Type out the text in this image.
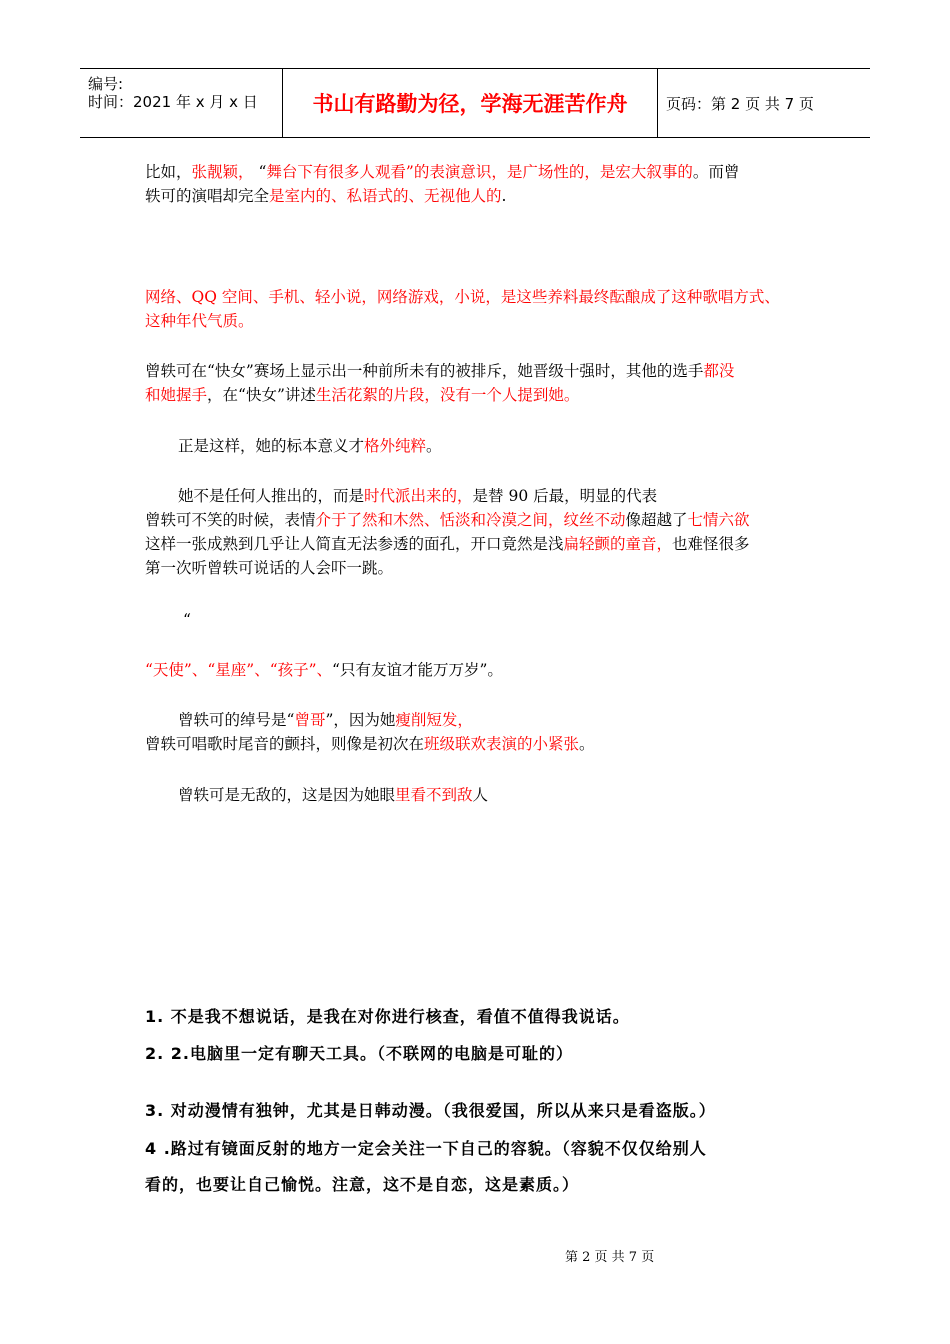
编号:
时间：2021 年 x 月 x 日	书山有路勤为径，学海无涯苦作舟	页码：第 2 页 共 7 页
比如，张靓颖， “舞台下有很多人观看”的表演意识，是广场性的，是宏大叙事的。而曾
轶可的演唱却完全是室内的、私语式的、无视他人的.
网络、QQ 空间、手机、轻小说，网络游戏，小说，是这些养料最终酝酿成了这种歌唱方式、
这种年代气质。
曾轶可在“快女”赛场上显示出一种前所未有的被排斥，她晋级十强时，其他的选手都没
和她握手，在“快女”讲述生活花絮的片段，没有一个人提到她。
正是这样，她的标本意义才格外纯粹。
她不是任何人推出的，而是时代派出来的，是替 90 后最，明显的代表
曾轶可不笑的时候，表情介于了然和木然、恬淡和冷漠之间，纹丝不动像超越了七情六欲
这样一张成熟到几乎让人简直无法参透的面孔，开口竟然是浅扁轻颤的童音，也难怪很多
第一次听曾轶可说话的人会吓一跳。
“
“天使”、“星座”、“孩子”、“只有友谊才能万万岁”。
曾轶可的绰号是“曾哥”，因为她瘦削短发，
曾轶可唱歌时尾音的颤抖，则像是初次在班级联欢表演的小紧张。
曾轶可是无敌的，这是因为她眼里看不到敌人
1. 不是我不想说话，是我在对你进行核查，看值不值得我说话。
2. 2.电脑里一定有聊天工具。（不联网的电脑是可耻的）
3. 对动漫情有独钟，尤其是日韩动漫。（我很爱国，所以从来只是看盗版。）
4 .路过有镜面反射的地方一定会关注一下自己的容貌。（容貌不仅仅给别人
看的，也要让自己愉悦。注意，这不是自恋，这是素质。）
第 2 页 共 7 页
